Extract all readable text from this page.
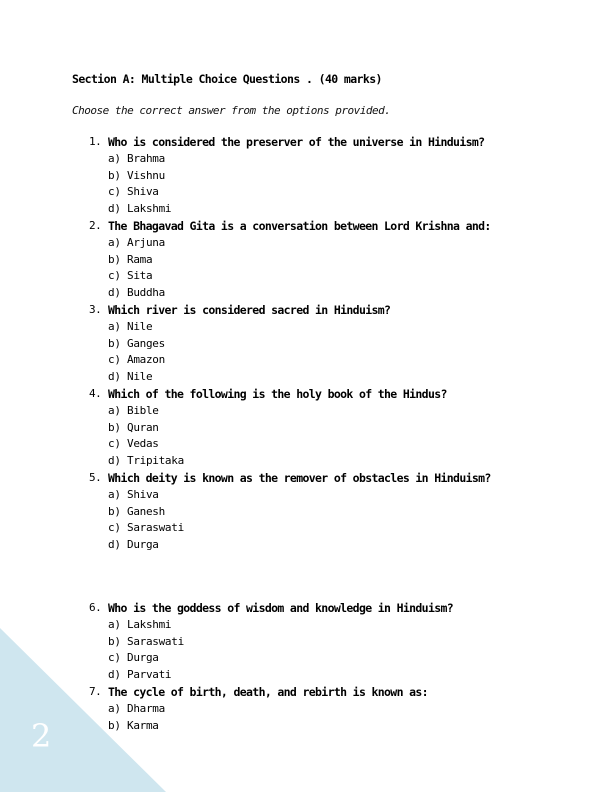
2
Section A: Multiple Choice Questions . (40 marks)
Choose the correct answer from the options provided.
1. Who is considered the preserver of the universe in Hinduism?
a) Brahma
b) Vishnu
c) Shiva
d) Lakshmi
2. The Bhagavad Gita is a conversation between Lord Krishna and:
a) Arjuna
b) Rama
c) Sita
d) Buddha
3. Which river is considered sacred in Hinduism?
a) Nile
b) Ganges
c) Amazon
d) Nile
4. Which of the following is the holy book of the Hindus?
a) Bible
b) Quran
c) Vedas
d) Tripitaka
5. Which deity is known as the remover of obstacles in Hinduism?
a) Shiva
b) Ganesh
c) Saraswati
d) Durga
6. Who is the goddess of wisdom and knowledge in Hinduism?
a) Lakshmi
b) Saraswati
c) Durga
d) Parvati
7. The cycle of birth, death, and rebirth is known as:
a) Dharma
b) Karma
